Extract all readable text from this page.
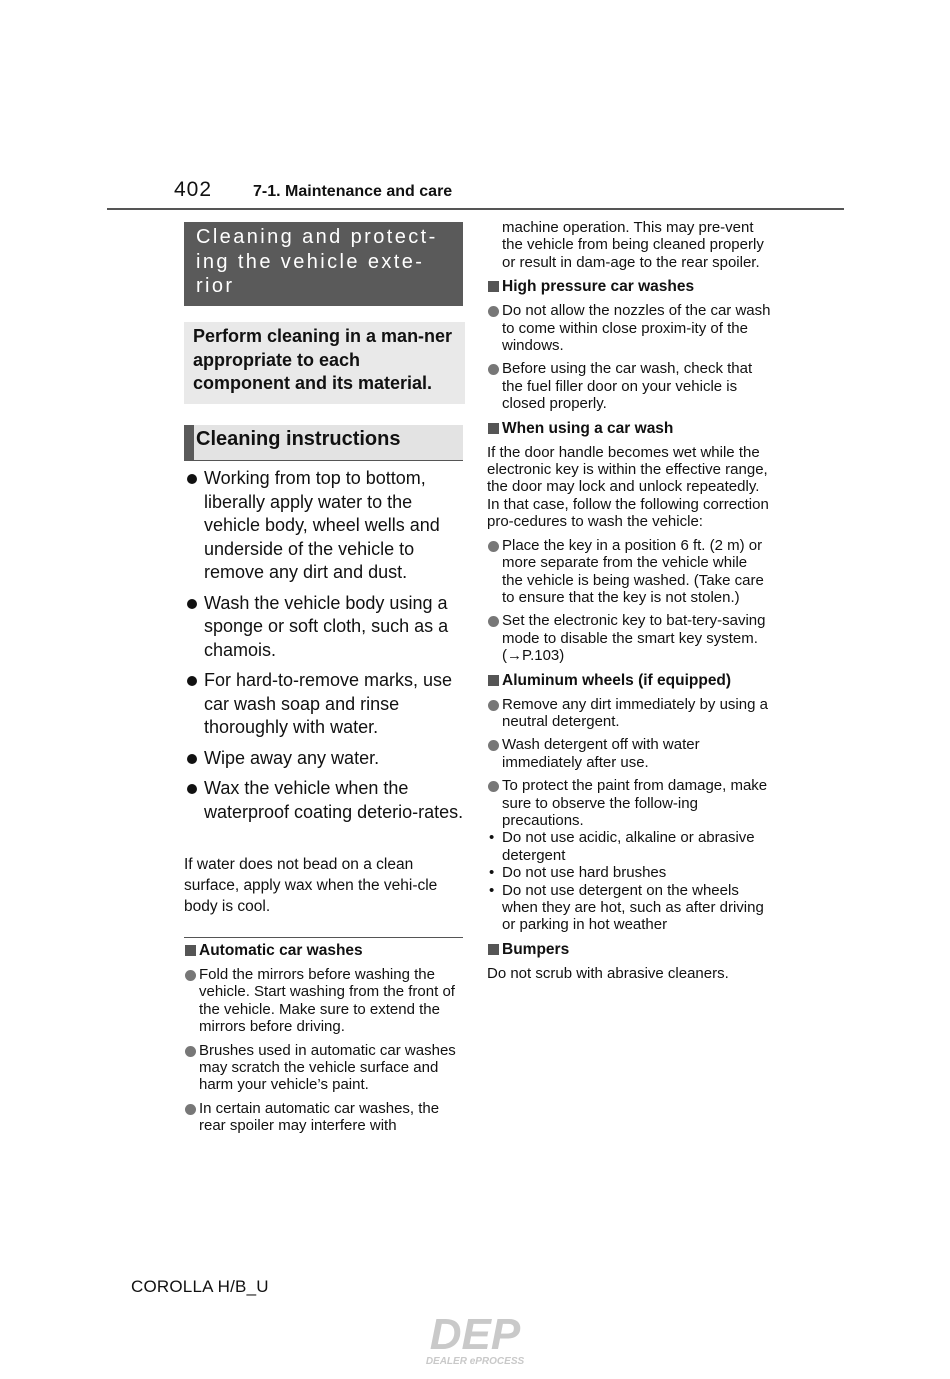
402	7-1. Maintenance and care
Cleaning and protect-ing the vehicle exte-rior
Perform cleaning in a man-ner appropriate to each component and its material.
Cleaning instructions
Working from top to bottom, liberally apply water to the vehicle body, wheel wells and underside of the vehicle to remove any dirt and dust.
Wash the vehicle body using a sponge or soft cloth, such as a chamois.
For hard-to-remove marks, use car wash soap and rinse thoroughly with water.
Wipe away any water.
Wax the vehicle when the waterproof coating deterio-rates.
If water does not bead on a clean surface, apply wax when the vehi-cle body is cool.
Automatic car washes
Fold the mirrors before washing the vehicle. Start washing from the front of the vehicle. Make sure to extend the mirrors before driving.
Brushes used in automatic car washes may scratch the vehicle surface and harm your vehicle’s paint.
In certain automatic car washes, the rear spoiler may interfere with
machine operation. This may pre-vent the vehicle from being cleaned properly or result in dam-age to the rear spoiler.
High pressure car washes
Do not allow the nozzles of the car wash to come within close proxim-ity of the windows.
Before using the car wash, check that the fuel filler door on your vehicle is closed properly.
When using a car wash
If the door handle becomes wet while the electronic key is within the effective range, the door may lock and unlock repeatedly. In that case, follow the following correction pro-cedures to wash the vehicle:
Place the key in a position 6 ft. (2 m) or more separate from the vehicle while the vehicle is being washed. (Take care to ensure that the key is not stolen.)
Set the electronic key to bat-tery-saving mode to disable the smart key system. (→P.103)
Aluminum wheels (if equipped)
Remove any dirt immediately by using a neutral detergent.
Wash detergent off with water immediately after use.
To protect the paint from damage, make sure to observe the follow-ing precautions.
• Do not use acidic, alkaline or abrasive detergent
• Do not use hard brushes
• Do not use detergent on the wheels when they are hot, such as after driving or parking in hot weather
Bumpers
Do not scrub with abrasive cleaners.
COROLLA H/B_U
DEP
DEALER ePROCESS
